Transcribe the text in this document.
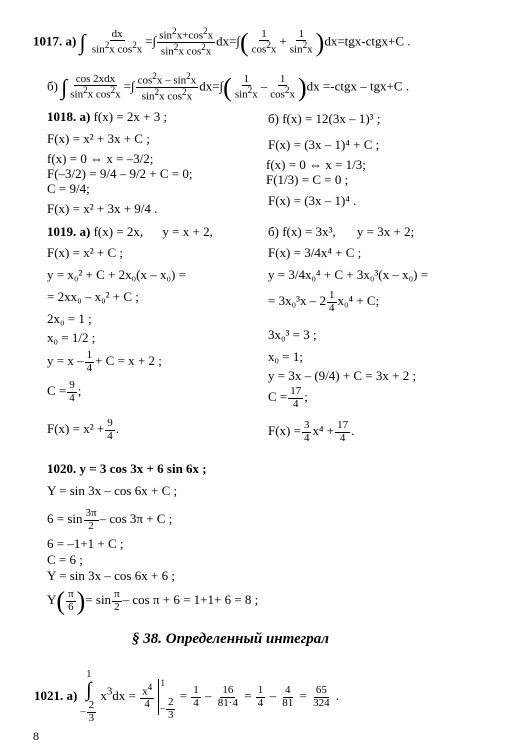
1017. а) ∫ $\frac{dx}{\sin^2x \cos^2x}$ =∫ $\frac{\sin^2x+\cos^2x}{\sin^2x \cos^2x} dx=\int( \frac{1}{\cos^2x} + \frac{1}{\sin^2x}$ )dx=tgx-ctgx+C .
б) ∫ $\frac{\text{cos 2xdx}}{\sin^2x \cos^2x}$ =∫ $\frac{\cos^2x - \sin^2x}{\sin^2x \cos^2x} dx=\int( \frac{1}{\sin^2x} - \frac{1}{\cos^2x} )dx$ =-ctgx – tgx+C .
1018. а) f(x) = 2x + 3 ;
F(x) = x² + 3x + C ;
f(x) = 0 ⇔ x = –3/2;
F(–3/2) = 9/4 – 9/2 + C = 0;
C = 9/4;
F(x) = x² + 3x + 9/4 .
б) f(x) = 12(3x – 1)³ ;
F(x) = (3x – 1)⁴ + C ;
f(x) = 0 ⇔ x = 1/3;
F(1/3) = C = 0 ;
F(x) = (3x – 1)⁴ .
1019. а) f(x) = 2x, y = x + 2,
F(x) = x² + C ;
y = x₀² + C + 2x₀(x – x₀) =
= 2xx₀ – x₀² + C ;
2x₀ = 1 ;
x₀ = 1/2 ;
$y = x - \frac{1}{4} + C = x + 2$ ;
$C = \frac{9}{4}$ ;
$F(x) = x^2 + \frac{9}{4}$ .
б) f(x) = 3x³, y = 3x + 2;
F(x) = 3/4x⁴ + C ;
y = 3/4x₀⁴ + C + 3x₀³(x – x₀) =
= $3x_0^3x - 2 \frac{1}{4} x_0^4 + C$;
3x₀³ = 3 ;
x₀ = 1;
y = 3x – (9/4) + C = 3x + 2 ;
$C = \frac{17}{4}$ ;
$F(x) = \frac{3}{4} x^4 + \frac{17}{4}$ .
1020. y = 3 cos 3x + 6 sin 6x ;
Y = sin 3x – cos 6x + C ;
$6 = \sin \frac{3\pi}{2} - \cos 3\pi + C$ ;
6 = –1+1 + C ;
C = 6 ;
Y = sin 3x – cos 6x + 6 ;
$Y( \frac{\pi}{6}$ )= $\sin \frac{\pi}{2} - \cos \pi + 6 = 1+1+ 6 = 8$ ;
§ 38. Определенный интеграл
1021. а) 1
∫
– $\frac{2}{3}$
$x^3dx = \frac{x^4}{4}$
1

– $\frac{2}{3}$
= $\frac{1}{4} - \frac{16}{81\cdot 4} = \frac{1}{4} - \frac{4}{81} = \frac{65}{324}$ .
8
